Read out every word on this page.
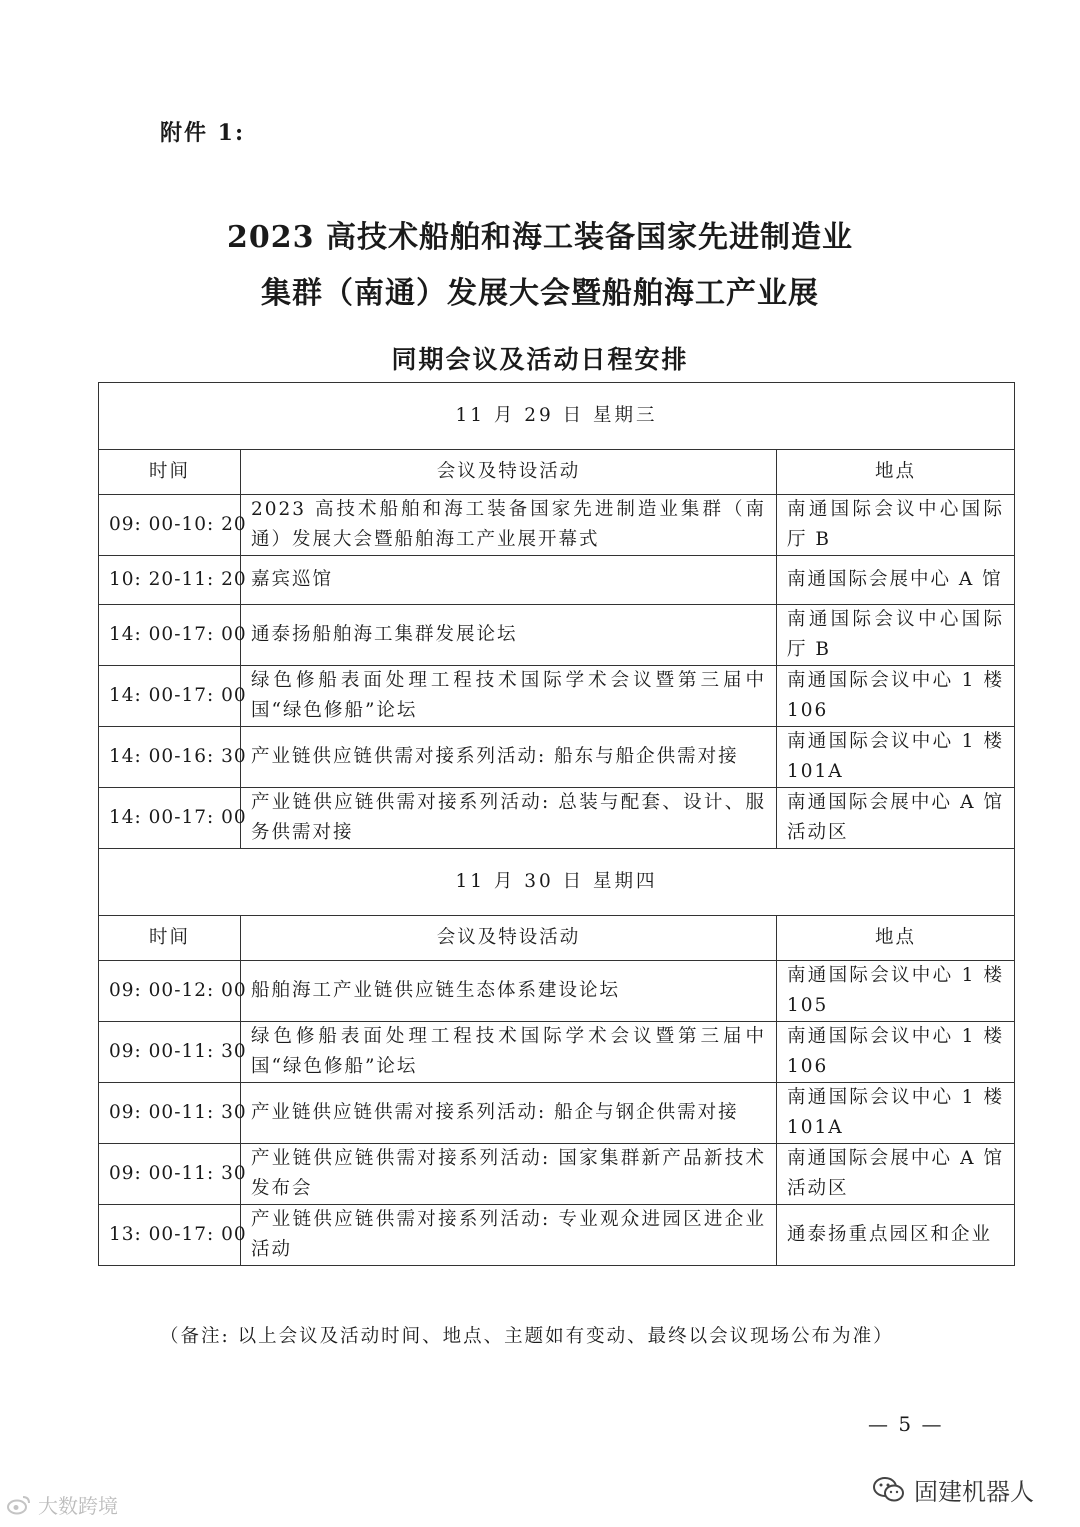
附件 1:
2023 高技术船舶和海工装备国家先进制造业
集群（南通）发展大会暨船舶海工产业展
同期会议及活动日程安排
11 月 29 日 星期三		
时间	会议及特设活动	地点
09: 00-10: 20	2023 高技术船舶和海工装备国家先进制造业集群（南通）发展大会暨船舶海工产业展开幕式	南通国际会议中心国际厅 B
10: 20-11: 20	嘉宾巡馆	南通国际会展中心 A 馆
14: 00-17: 00	通泰扬船舶海工集群发展论坛	南通国际会议中心国际厅 B
14: 00-17: 00	绿色修船表面处理工程技术国际学术会议暨第三届中国“绿色修船”论坛	南通国际会议中心 1 楼 106
14: 00-16: 30	产业链供应链供需对接系列活动: 船东与船企供需对接	南通国际会议中心 1 楼 101A
14: 00-17: 00	产业链供应链供需对接系列活动: 总装与配套、设计、服务供需对接	南通国际会展中心 A 馆活动区
11 月 30 日 星期四		
时间	会议及特设活动	地点
09: 00-12: 00	船舶海工产业链供应链生态体系建设论坛	南通国际会议中心 1 楼 105
09: 00-11: 30	绿色修船表面处理工程技术国际学术会议暨第三届中国“绿色修船”论坛	南通国际会议中心 1 楼 106
09: 00-11: 30	产业链供应链供需对接系列活动: 船企与钢企供需对接	南通国际会议中心 1 楼 101A
09: 00-11: 30	产业链供应链供需对接系列活动: 国家集群新产品新技术发布会	南通国际会展中心 A 馆活动区
13: 00-17: 00	产业链供应链供需对接系列活动: 专业观众进园区进企业活动	通泰扬重点园区和企业
（备注: 以上会议及活动时间、地点、主题如有变动、最终以会议现场公布为准）
— 5 —
大数跨境	固建机器人
